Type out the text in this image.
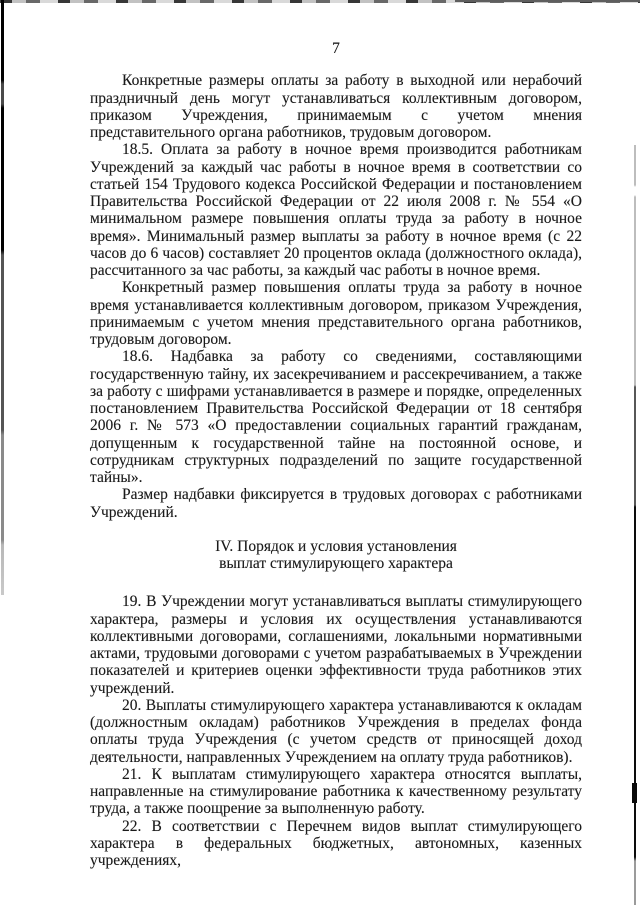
7

Конкретные размеры оплаты за работу в выходной или нерабочий праздничный день могут устанавливаться коллективным договором, приказом Учреждения, принимаемым с учетом мнения представительного органа работников, трудовым договором.

18.5. Оплата за работу в ночное время производится работникам Учреждений за каждый час работы в ночное время в соответствии со статьей 154 Трудового кодекса Российской Федерации и постановлением Правительства Российской Федерации от 22 июля 2008 г. № 554 «О минимальном размере повышения оплаты труда за работу в ночное время». Минимальный размер выплаты за работу в ночное время (с 22 часов до 6 часов) составляет 20 процентов оклада (должностного оклада), рассчитанного за час работы, за каждый час работы в ночное время.

Конкретный размер повышения оплаты труда за работу в ночное время устанавливается коллективным договором, приказом Учреждения, принимаемым с учетом мнения представительного органа работников, трудовым договором.

18.6. Надбавка за работу со сведениями, составляющими государственную тайну, их засекречиванием и рассекречиванием, а также за работу с шифрами устанавливается в размере и порядке, определенных постановлением Правительства Российской Федерации от 18 сентября 2006 г. № 573 «О предоставлении социальных гарантий гражданам, допущенным к государственной тайне на постоянной основе, и сотрудникам структурных подразделений по защите государственной тайны».

Размер надбавки фиксируется в трудовых договорах с работниками Учреждений.

IV. Порядок и условия установления
выплат стимулирующего характера

19. В Учреждении могут устанавливаться выплаты стимулирующего характера, размеры и условия их осуществления устанавливаются коллективными договорами, соглашениями, локальными нормативными актами, трудовыми договорами с учетом разрабатываемых в Учреждении показателей и критериев оценки эффективности труда работников этих учреждений.

20. Выплаты стимулирующего характера устанавливаются к окладам (должностным окладам) работников Учреждения в пределах фонда оплаты труда Учреждения (с учетом средств от приносящей доход деятельности, направленных Учреждением на оплату труда работников).

21. К выплатам стимулирующего характера относятся выплаты, направленные на стимулирование работника к качественному результату труда, а также поощрение за выполненную работу.

22. В соответствии с Перечнем видов выплат стимулирующего характера в федеральных бюджетных, автономных, казенных учреждениях,
